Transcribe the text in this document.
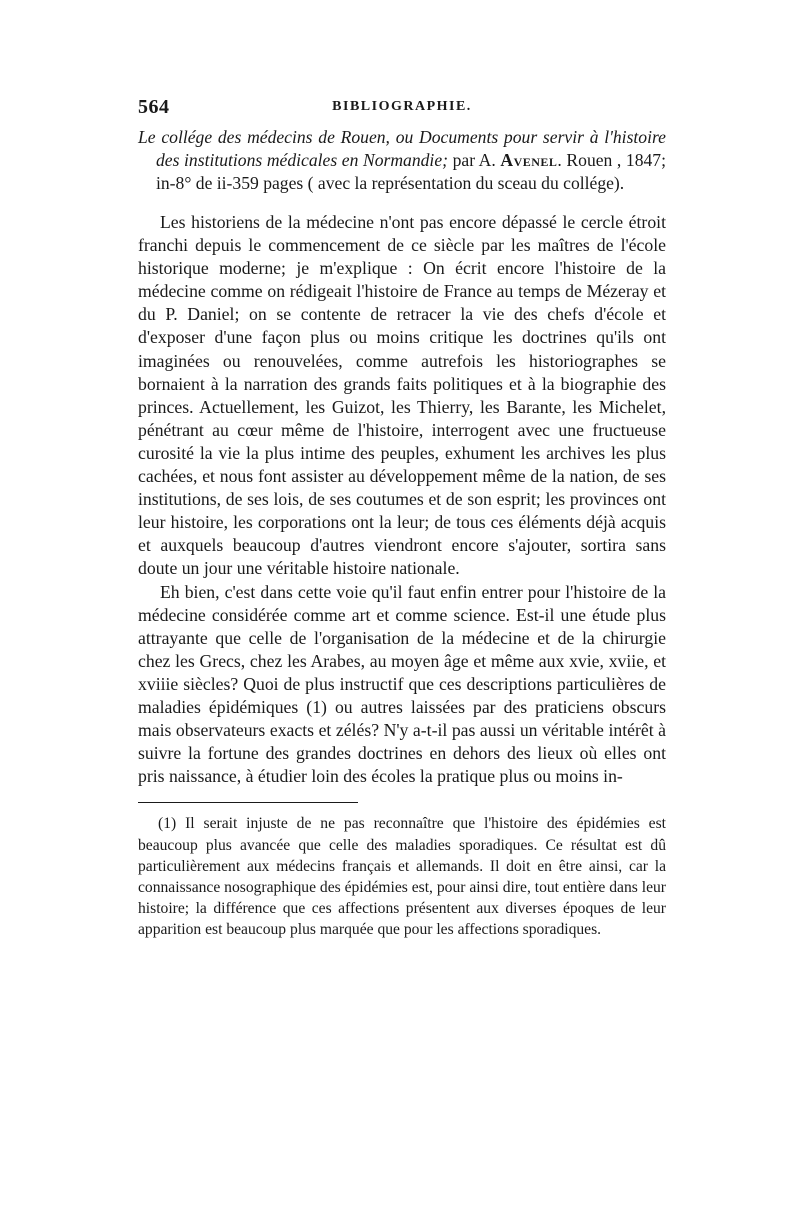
564	BIBLIOGRAPHIE.

Le collége des médecins de Rouen, ou Documents pour servir à l'histoire des institutions médicales en Normandie; par A. Avenel. Rouen , 1847; in-8° de ii-359 pages ( avec la représentation du sceau du collége).

Les historiens de la médecine n'ont pas encore dépassé le cercle étroit franchi depuis le commencement de ce siècle par les maîtres de l'école historique moderne; je m'explique : On écrit encore l'histoire de la médecine comme on rédigeait l'histoire de France au temps de Mézeray et du P. Daniel; on se contente de retracer la vie des chefs d'école et d'exposer d'une façon plus ou moins critique les doctrines qu'ils ont imaginées ou renouvelées, comme autrefois les historiographes se bornaient à la narration des grands faits politiques et à la biographie des princes. Actuellement, les Guizot, les Thierry, les Barante, les Michelet, pénétrant au cœur même de l'histoire, interrogent avec une fructueuse curosité la vie la plus intime des peuples, exhument les archives les plus cachées, et nous font assister au développement même de la nation, de ses institutions, de ses lois, de ses coutumes et de son esprit; les provinces ont leur histoire, les corporations ont la leur; de tous ces éléments déjà acquis et auxquels beaucoup d'autres viendront encore s'ajouter, sortira sans doute un jour une véritable histoire nationale.

Eh bien, c'est dans cette voie qu'il faut enfin entrer pour l'histoire de la médecine considérée comme art et comme science. Est-il une étude plus attrayante que celle de l'organisation de la médecine et de la chirurgie chez les Grecs, chez les Arabes, au moyen âge et même aux xvie, xviie, et xviiie siècles? Quoi de plus instructif que ces descriptions particulières de maladies épidémiques (1) ou autres laissées par des praticiens obscurs mais observateurs exacts et zélés? N'y a-t-il pas aussi un véritable intérêt à suivre la fortune des grandes doctrines en dehors des lieux où elles ont pris naissance, à étudier loin des écoles la pratique plus ou moins in-

(1) Il serait injuste de ne pas reconnaître que l'histoire des épidémies est beaucoup plus avancée que celle des maladies sporadiques. Ce résultat est dû particulièrement aux médecins français et allemands. Il doit en être ainsi, car la connaissance nosographique des épidémies est, pour ainsi dire, tout entière dans leur histoire; la différence que ces affections présentent aux diverses époques de leur apparition est beaucoup plus marquée que pour les affections sporadiques.
